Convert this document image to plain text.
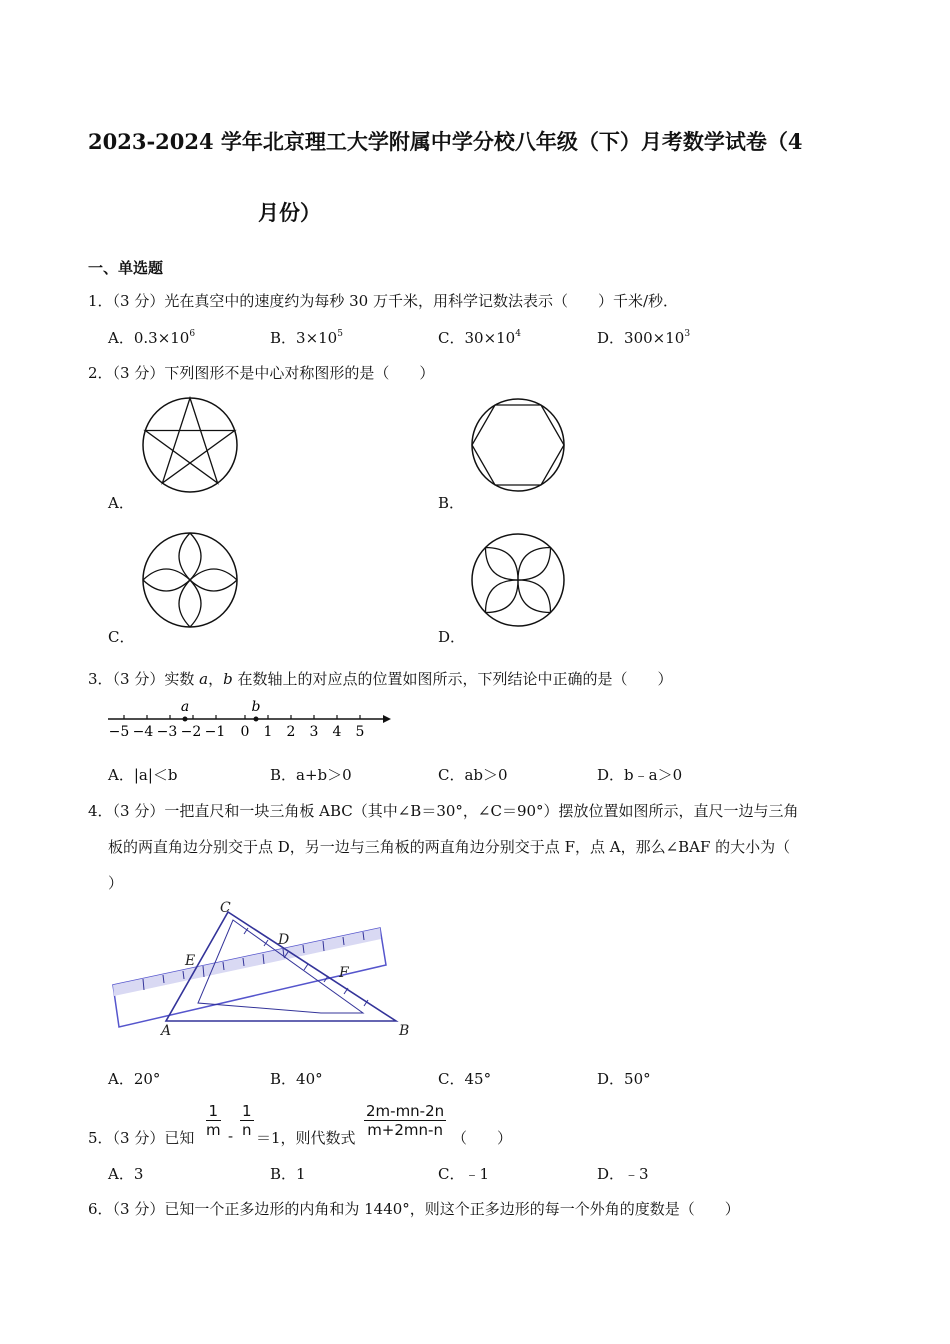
2023-2024 学年北京理工大学附属中学分校八年级（下）月考数学试卷（4
月份）
一、单选题
1．（3 分）光在真空中的速度约为每秒 30 万千米，用科学记数法表示（　　）千米/秒．
A．$0.3\times 10^6$	B．$3\times 10^5$	C．$30\times 10^4$	D．$300\times 10^3$
2．（3 分）下列图形不是中心对称图形的是（　　）
A．	B．
C．	D．
3．（3 分）实数 a，b 在数轴上的对应点的位置如图所示，下列结论中正确的是（　　）
a	b
−5 −4 −3 −2 −1 0 1 2 3 4 5
A．|a|＜b	B．a+b＞0	C．ab＞0	D．b﹣a＞0
4．（3 分）一把直尺和一块三角板 ABC（其中∠B＝30°，∠C＝90°）摆放位置如图所示，直尺一边与三角
板的两直角边分别交于点 D，另一边与三角板的两直角边分别交于点 F，点 A，那么∠BAF 的大小为（
）
C
D
E
F
A	B
A．20°	B．40°	C．45°	D．50°
5．（3 分）已知 $\frac{1}{m} - \frac{1}{n} =1$，则代数式 $\frac{2m-mn-2n}{m+2mn-n}$ （　　）
A．3	B．1	C．﹣1	D．﹣3
6．（3 分）已知一个正多边形的内角和为 1440°，则这个正多边形的每一个外角的度数是（　　）
